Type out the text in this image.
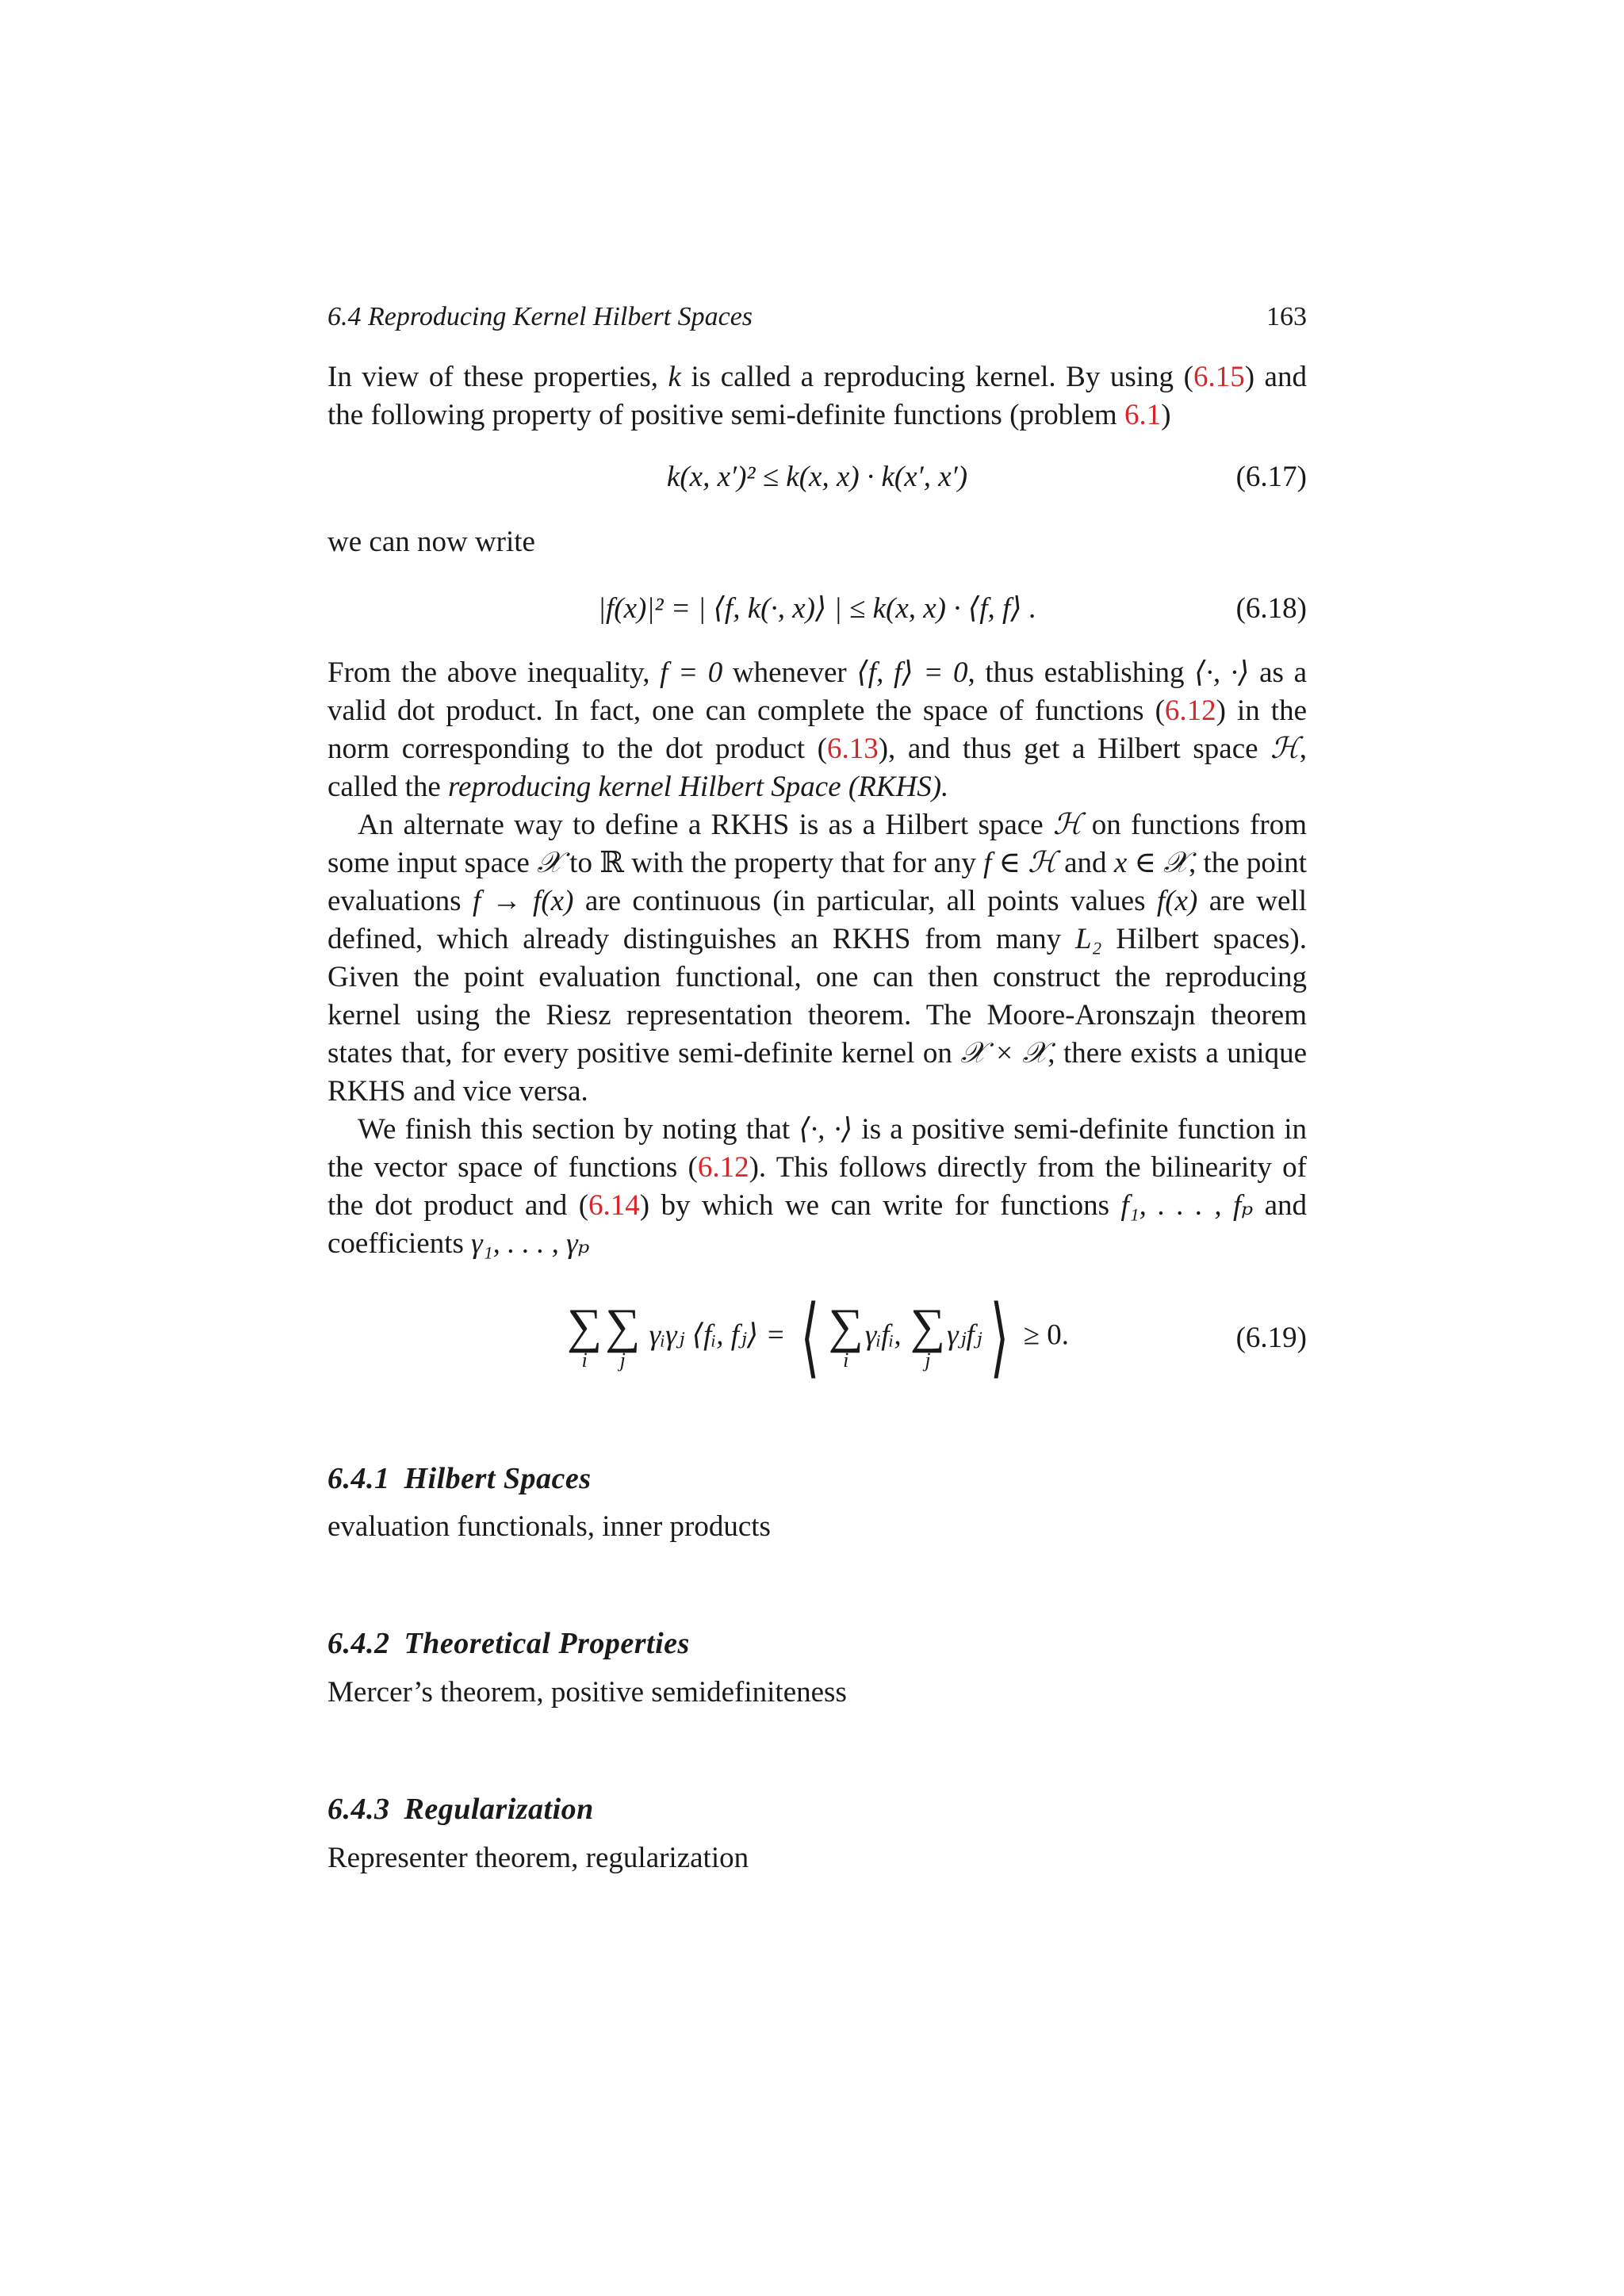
6.4 Reproducing Kernel Hilbert Spaces	163

In view of these properties, k is called a reproducing kernel. By using (6.15) and the following property of positive semi-definite functions (problem 6.1)

k(x, x′)² ≤ k(x, x) · k(x′, x′)	(6.17)

we can now write

|f(x)|² = | ⟨f, k(·, x)⟩ | ≤ k(x, x) · ⟨f, f⟩ .	(6.18)

From the above inequality, f = 0 whenever ⟨f, f⟩ = 0, thus establishing ⟨·, ·⟩ as a valid dot product. In fact, one can complete the space of functions (6.12) in the norm corresponding to the dot product (6.13), and thus get a Hilbert space ℋ, called the reproducing kernel Hilbert Space (RKHS).

An alternate way to define a RKHS is as a Hilbert space ℋ on functions from some input space 𝒳 to ℝ with the property that for any f ∈ ℋ and x ∈ 𝒳, the point evaluations f → f(x) are continuous (in particular, all points values f(x) are well defined, which already distinguishes an RKHS from many L₂ Hilbert spaces). Given the point evaluation functional, one can then construct the reproducing kernel using the Riesz representation theorem. The Moore-Aronszajn theorem states that, for every positive semi-definite kernel on 𝒳 × 𝒳, there exists a unique RKHS and vice versa.

We finish this section by noting that ⟨·, ·⟩ is a positive semi-definite function in the vector space of functions (6.12). This follows directly from the bilinearity of the dot product and (6.14) by which we can write for functions f₁, . . . , fₚ and coefficients γ₁, . . . , γₚ

∑
i
∑
j
γᵢγⱼ ⟨fᵢ, fⱼ⟩ = ⟨ ∑
i
γᵢfᵢ, ∑
j
γⱼfⱼ⟩ ≥ 0.	(6.19)
6.4.1 Hilbert Spaces
evaluation functionals, inner products
6.4.2 Theoretical Properties
Mercer’s theorem, positive semidefiniteness
6.4.3 Regularization
Representer theorem, regularization
